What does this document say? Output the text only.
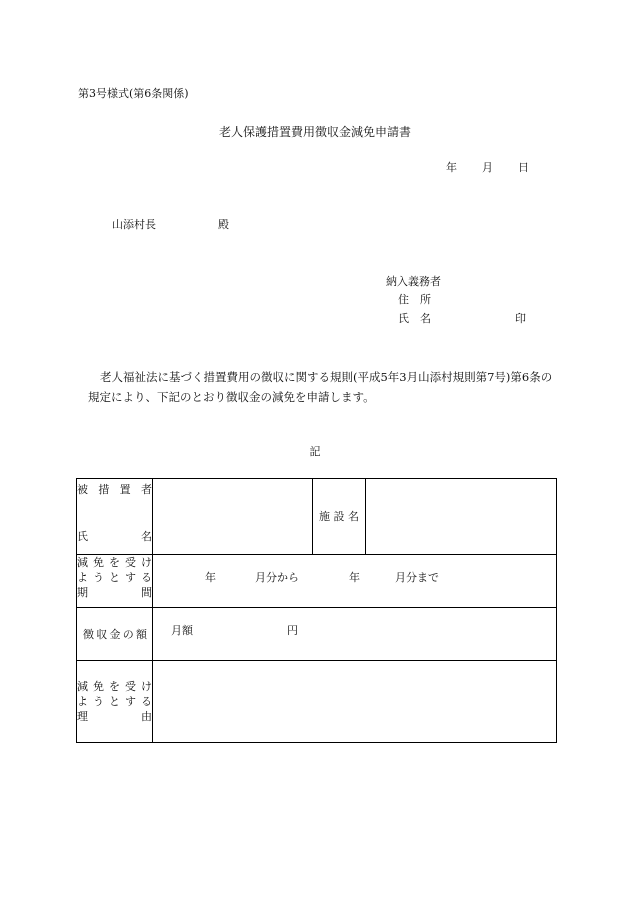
第3号様式(第6条関係)
老人保護措置費用徴収金減免申請書
年 月 日
山添村長	殿
納入義務者
住　所
氏　名	印

老人福祉法に基づく措置費用の徴収に関する規則(平成5年3月山添村規則第7号)第6条の規定により、下記のとおり徴収金の減免を申請します。

記
被措置者
氏名		施設名	

減免を受け
ようとする
期間	年 月分から 年 月分まで		

徴収金の額	月額 円		

減免を受け
ようとする
理由			
